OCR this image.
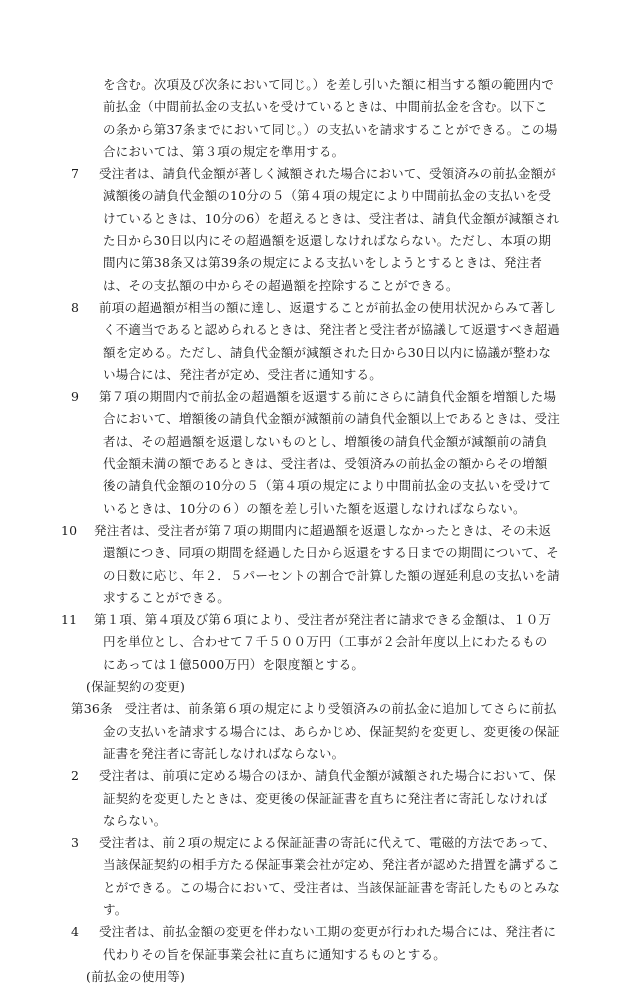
を含む。次項及び次条において同じ。）を差し引いた額に相当する額の範囲内で前払金（中間前払金の支払いを受けているときは、中間前払金を含む。以下この条から第37条までにおいて同じ。）の支払いを請求することができる。この場合においては、第３項の規定を準用する。

7 受注者は、請負代金額が著しく減額された場合において、受領済みの前払金額が減額後の請負代金額の10分の５（第４項の規定により中間前払金の支払いを受けているときは、10分の6）を超えるときは、受注者は、請負代金額が減額された日から30日以内にその超過額を返還しなければならない。ただし、本項の期間内に第38条又は第39条の規定による支払いをしようとするときは、発注者は、その支払額の中からその超過額を控除することができる。

8 前項の超過額が相当の額に達し、返還することが前払金の使用状況からみて著しく不適当であると認められるときは、発注者と受注者が協議して返還すべき超過額を定める。ただし、請負代金額が減額された日から30日以内に協議が整わない場合には、発注者が定め、受注者に通知する。

9 第７項の期間内で前払金の超過額を返還する前にさらに請負代金額を増額した場合において、増額後の請負代金額が減額前の請負代金額以上であるときは、受注者は、その超過額を返還しないものとし、増額後の請負代金額が減額前の請負代金額未満の額であるときは、受注者は、受領済みの前払金の額からその増額後の請負代金額の10分の５（第４項の規定により中間前払金の支払いを受けているときは、10分の６）の額を差し引いた額を返還しなければならない。

10 発注者は、受注者が第７項の期間内に超過額を返還しなかったときは、その未返還額につき、同項の期間を経過した日から返還をする日までの期間について、その日数に応じ、年２．５パーセントの割合で計算した額の遅延利息の支払いを請求することができる。

11 第１項、第４項及び第６項により、受注者が発注者に請求できる金額は、１０万円を単位とし、合わせて７千５００万円（工事が２会計年度以上にわたるものにあっては１億5000万円）を限度額とする。

(保証契約の変更)

第36条 受注者は、前条第６項の規定により受領済みの前払金に追加してさらに前払金の支払いを請求する場合には、あらかじめ、保証契約を変更し、変更後の保証証書を発注者に寄託しなければならない。

2 受注者は、前項に定める場合のほか、請負代金額が減額された場合において、保証契約を変更したときは、変更後の保証証書を直ちに発注者に寄託しなければならない。

3 受注者は、前２項の規定による保証証書の寄託に代えて、電磁的方法であって、当該保証契約の相手方たる保証事業会社が定め、発注者が認めた措置を講ずることができる。この場合において、受注者は、当該保証証書を寄託したものとみなす。

4 受注者は、前払金額の変更を伴わない工期の変更が行われた場合には、発注者に代わりその旨を保証事業会社に直ちに通知するものとする。

(前払金の使用等)
